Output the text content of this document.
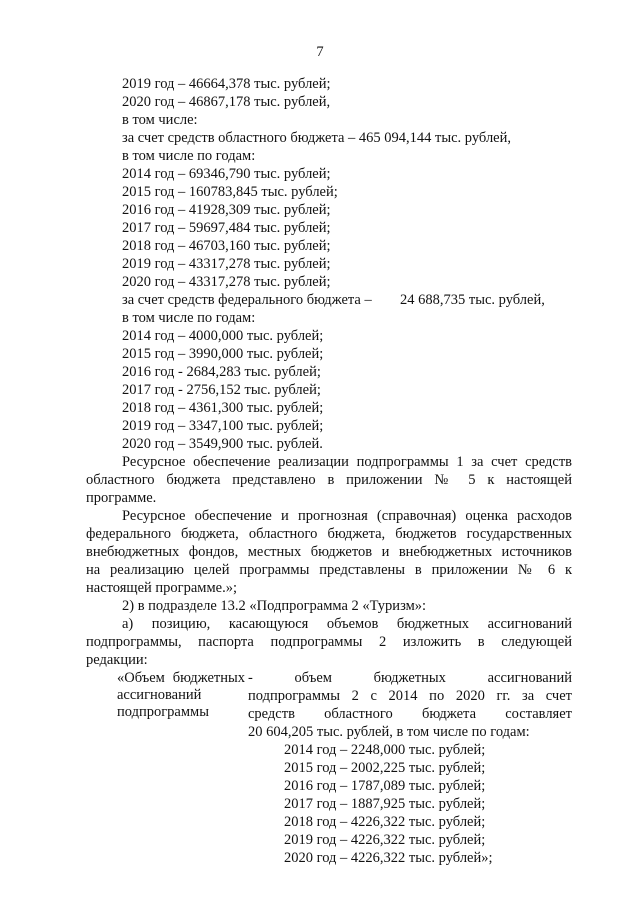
7
2019 год – 46664,378 тыс. рублей;
2020 год – 46867,178 тыс. рублей,
в том числе:
за счет средств областного бюджета – 465 094,144 тыс. рублей,
в том числе по годам:
2014 год – 69346,790 тыс. рублей;
2015 год – 160783,845 тыс. рублей;
2016 год – 41928,309 тыс. рублей;
2017 год – 59697,484 тыс. рублей;
2018 год – 46703,160 тыс. рублей;
2019 год – 43317,278 тыс. рублей;
2020 год – 43317,278 тыс. рублей;
за счет средств федерального бюджета – 24 688,735 тыс. рублей,
в том числе по годам:
2014 год – 4000,000 тыс. рублей;
2015 год – 3990,000 тыс. рублей;
2016 год - 2684,283 тыс. рублей;
2017 год - 2756,152 тыс. рублей;
2018 год – 4361,300 тыс. рублей;
2019 год – 3347,100 тыс. рублей;
2020 год – 3549,900 тыс. рублей.
Ресурсное обеспечение реализации подпрограммы 1 за счет средств
областного бюджета представлено в приложении № 5 к настоящей
программе.
Ресурсное обеспечение и прогнозная (справочная) оценка расходов
федерального бюджета, областного бюджета, бюджетов государственных
внебюджетных фондов, местных бюджетов и внебюджетных источников
на реализацию целей программы представлены в приложении № 6 к
настоящей программе.»;
2) в подразделе 13.2 «Подпрограмма 2 «Туризм»:
а) позицию, касающуюся объемов бюджетных ассигнований
подпрограммы, паспорта подпрограммы 2 изложить в следующей
редакции:
«Объем бюджетных
ассигнований
подпрограммы
- объем бюджетных ассигнований
подпрограммы 2 с 2014 по 2020 гг. за счет
средств областного бюджета составляет
20 604,205 тыс. рублей, в том числе по годам:
2014 год – 2248,000 тыс. рублей;
2015 год – 2002,225 тыс. рублей;
2016 год – 1787,089 тыс. рублей;
2017 год – 1887,925 тыс. рублей;
2018 год – 4226,322 тыс. рублей;
2019 год – 4226,322 тыс. рублей;
2020 год – 4226,322 тыс. рублей»;
